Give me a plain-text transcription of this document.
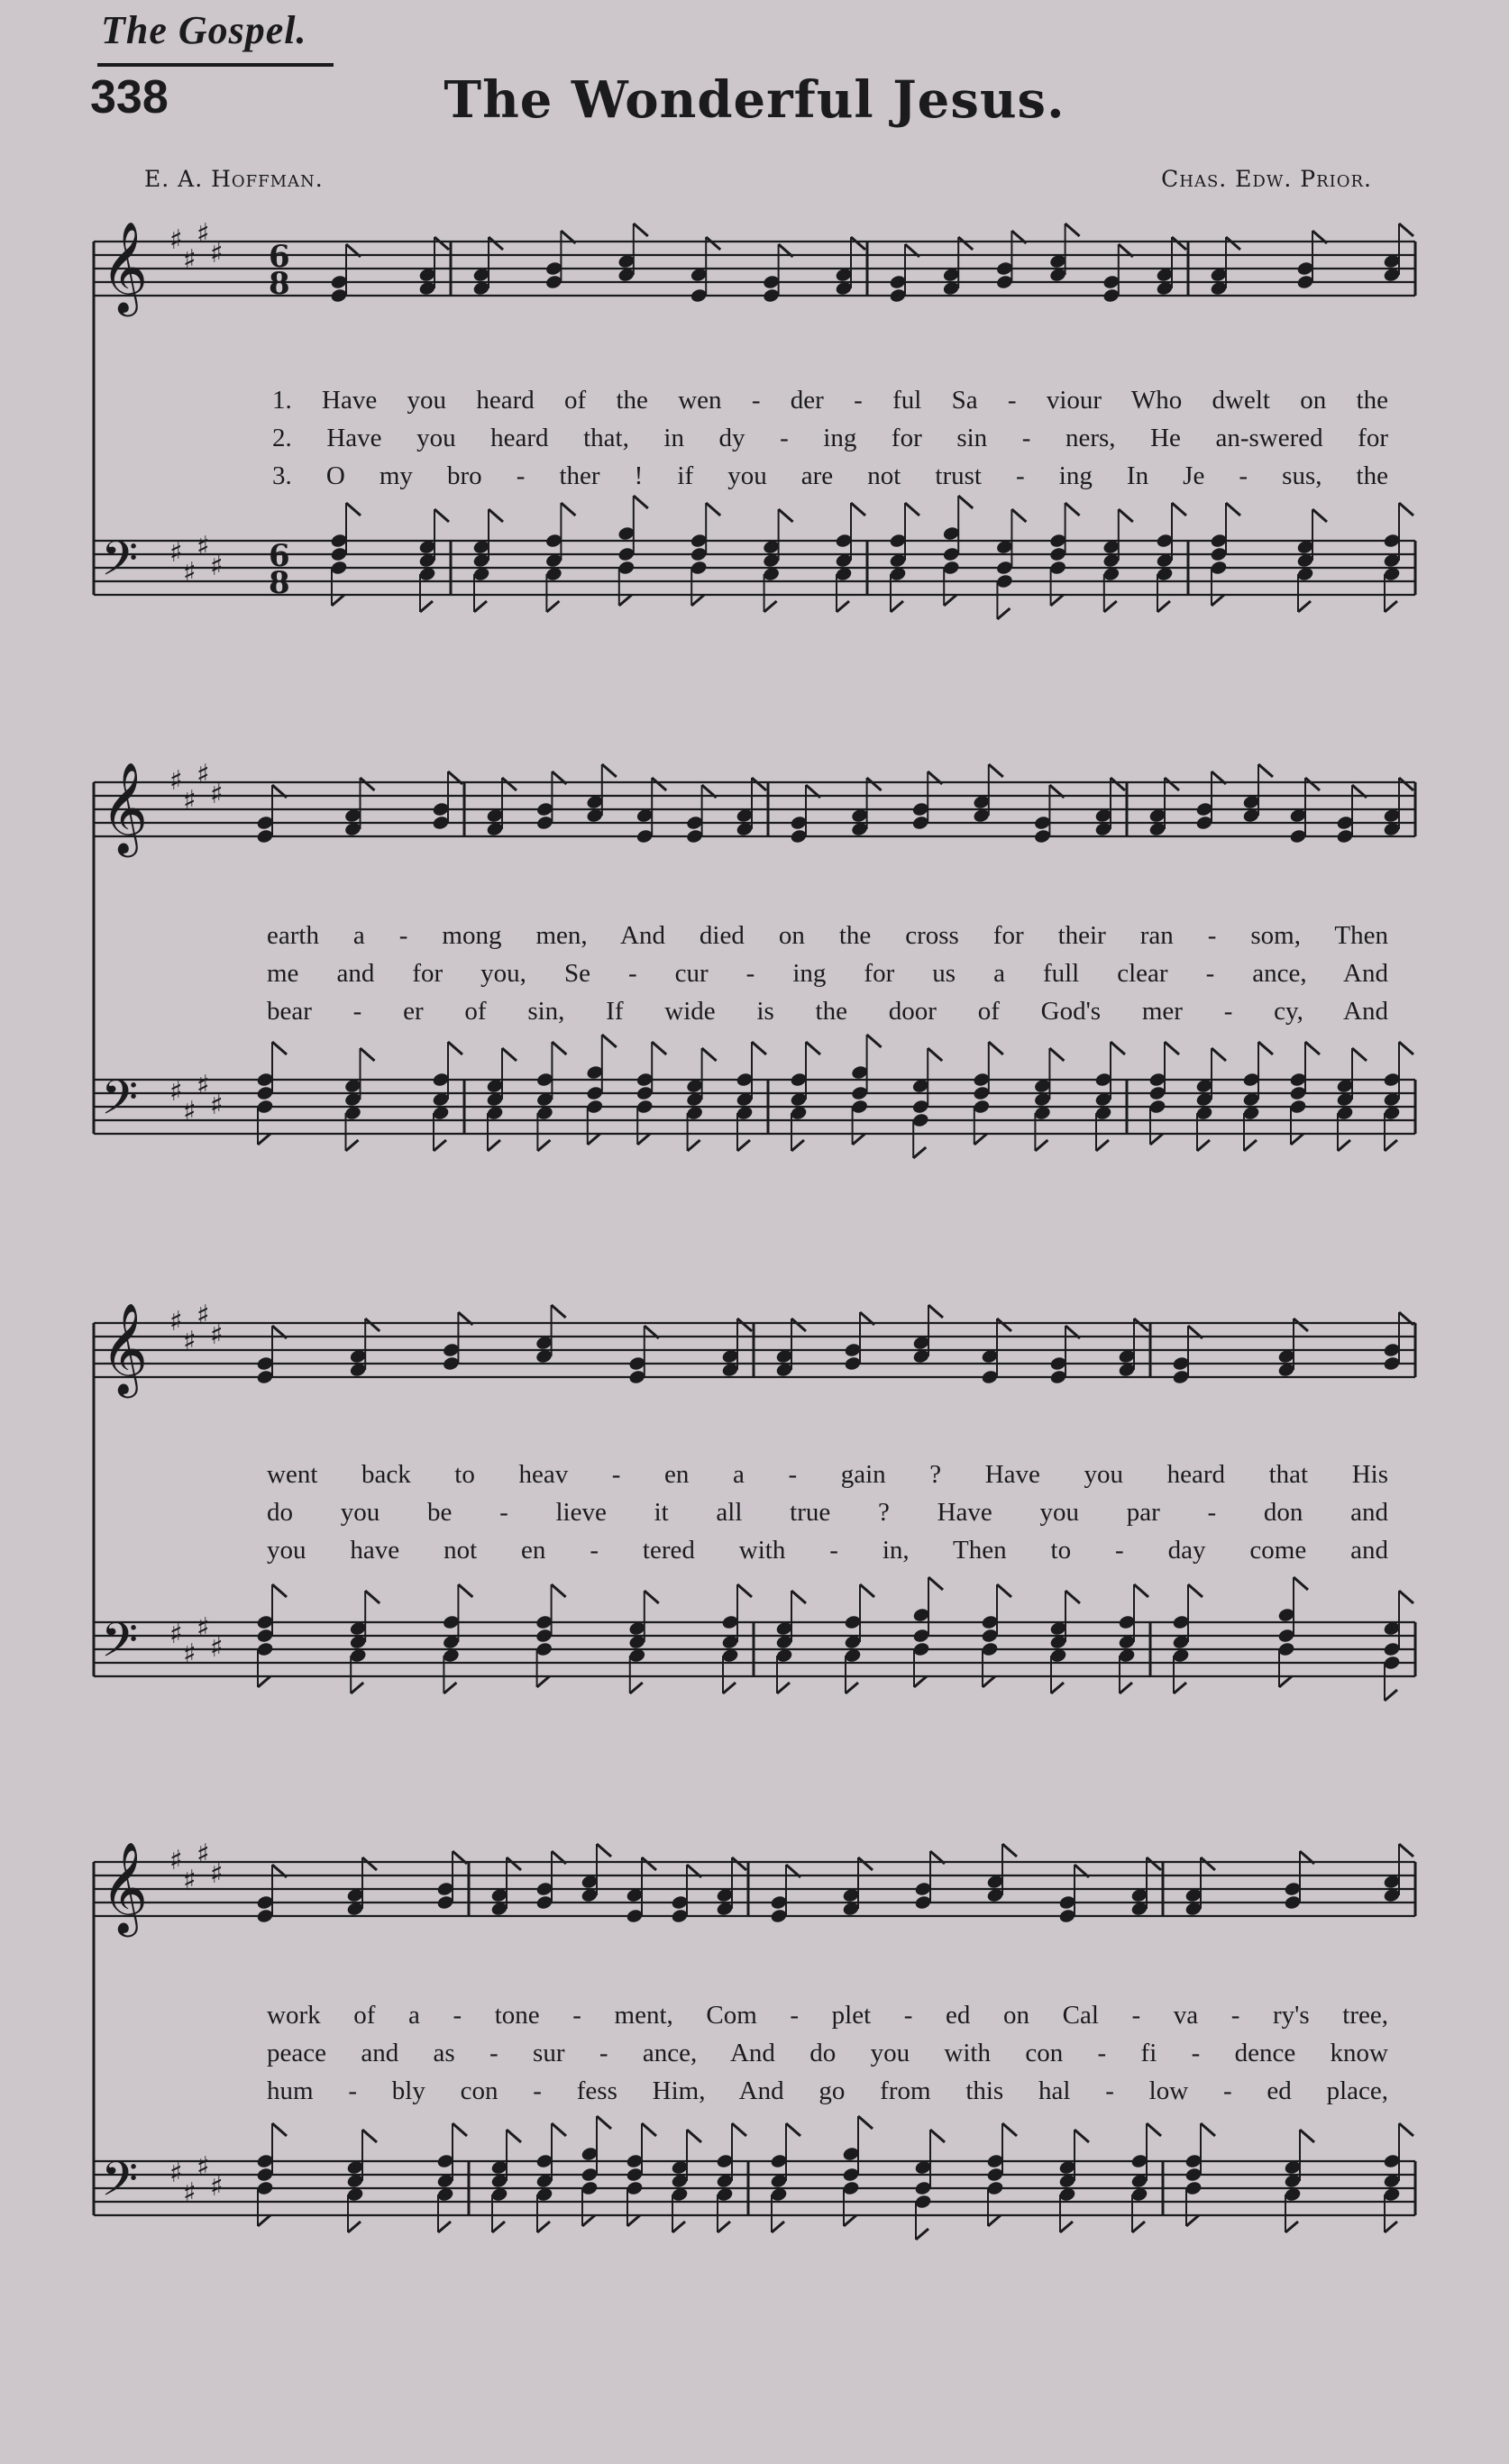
The Gospel.
338	The Wonderful Jesus.
E. A. Hoffman.	Chas. Edw. Prior.
𝄞
𝄢
♯
♯
♯
♯
♯
♯
♯
♯
6
8
6
8
𝄞
𝄢
♯
♯
♯
♯
♯
♯
♯
♯
𝄞
𝄢
♯
♯
♯
♯
♯
♯
♯
♯
𝄞
𝄢
♯
♯
♯
♯
♯
♯
♯
♯
1. Have you heard of the wen - der - ful Sa - viour Who dwelt on the
2. Have you heard that, in dy - ing for sin - ners, He an-swered for
3. O my bro - ther ! if you are not trust - ing In Je - sus, the
earth a - mong men, And died on the cross for their ran - som, Then
me and for you, Se - cur - ing for us a full clear - ance, And
bear - er of sin, If wide is the door of God's mer - cy, And
went back to heav - en a - gain ? Have you heard that His
do you be - lieve it all true ? Have you par - don and
you have not en - tered with - in, Then to - day come and
work of a - tone - ment, Com - plet - ed on Cal - va - ry's tree,
peace and as - sur - ance, And do you with con - fi - dence know
hum - bly con - fess Him, And go from this hal - low - ed place,
